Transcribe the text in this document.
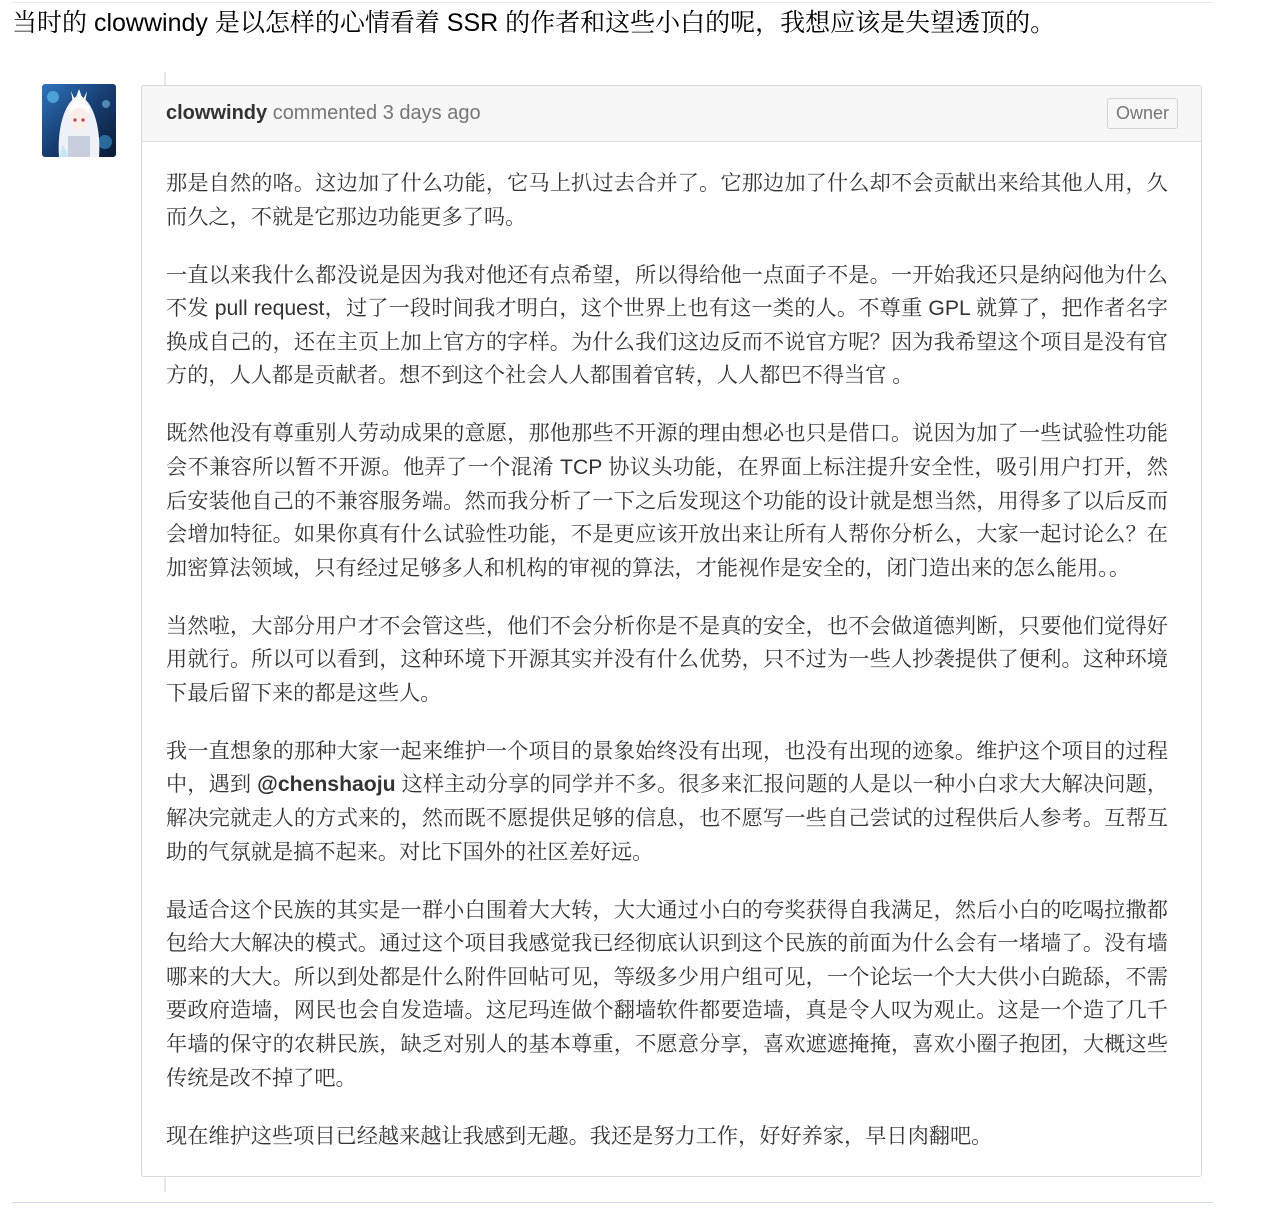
当时的 clowwindy 是以怎样的心情看着 SSR 的作者和这些小白的呢，我想应该是失望透顶的。
clowwindy commented 3 days ago	Owner

那是自然的咯。这边加了什么功能，它马上扒过去合并了。它那边加了什么却不会贡献出来给其他人用，久而久之，不就是它那边功能更多了吗。

一直以来我什么都没说是因为我对他还有点希望，所以得给他一点面子不是。一开始我还只是纳闷他为什么不发 pull request，过了一段时间我才明白，这个世界上也有这一类的人。不尊重 GPL 就算了，把作者名字换成自己的，还在主页上加上官方的字样。为什么我们这边反而不说官方呢？因为我希望这个项目是没有官方的，人人都是贡献者。想不到这个社会人人都围着官转，人人都巴不得当官 。

既然他没有尊重别人劳动成果的意愿，那他那些不开源的理由想必也只是借口。说因为加了一些试验性功能会不兼容所以暂不开源。他弄了一个混淆 TCP 协议头功能，在界面上标注提升安全性，吸引用户打开，然后安装他自己的不兼容服务端。然而我分析了一下之后发现这个功能的设计就是想当然，用得多了以后反而会增加特征。如果你真有什么试验性功能，不是更应该开放出来让所有人帮你分析么，大家一起讨论么？在加密算法领域，只有经过足够多人和机构的审视的算法，才能视作是安全的，闭门造出来的怎么能用。。

当然啦，大部分用户才不会管这些，他们不会分析你是不是真的安全，也不会做道德判断，只要他们觉得好用就行。所以可以看到，这种环境下开源其实并没有什么优势，只不过为一些人抄袭提供了便利。这种环境下最后留下来的都是这些人。

我一直想象的那种大家一起来维护一个项目的景象始终没有出现，也没有出现的迹象。维护这个项目的过程中，遇到 @chenshaoju 这样主动分享的同学并不多。很多来汇报问题的人是以一种小白求大大解决问题，解决完就走人的方式来的，然而既不愿提供足够的信息，也不愿写一些自己尝试的过程供后人参考。互帮互助的气氛就是搞不起来。对比下国外的社区差好远。

最适合这个民族的其实是一群小白围着大大转，大大通过小白的夸奖获得自我满足，然后小白的吃喝拉撒都包给大大解决的模式。通过这个项目我感觉我已经彻底认识到这个民族的前面为什么会有一堵墙了。没有墙哪来的大大。所以到处都是什么附件回帖可见，等级多少用户组可见，一个论坛一个大大供小白跪舔，不需要政府造墙，网民也会自发造墙。这尼玛连做个翻墙软件都要造墙，真是令人叹为观止。这是一个造了几千年墙的保守的农耕民族，缺乏对别人的基本尊重，不愿意分享，喜欢遮遮掩掩，喜欢小圈子抱团，大概这些传统是改不掉了吧。

现在维护这些项目已经越来越让我感到无趣。我还是努力工作，好好养家，早日肉翻吧。
